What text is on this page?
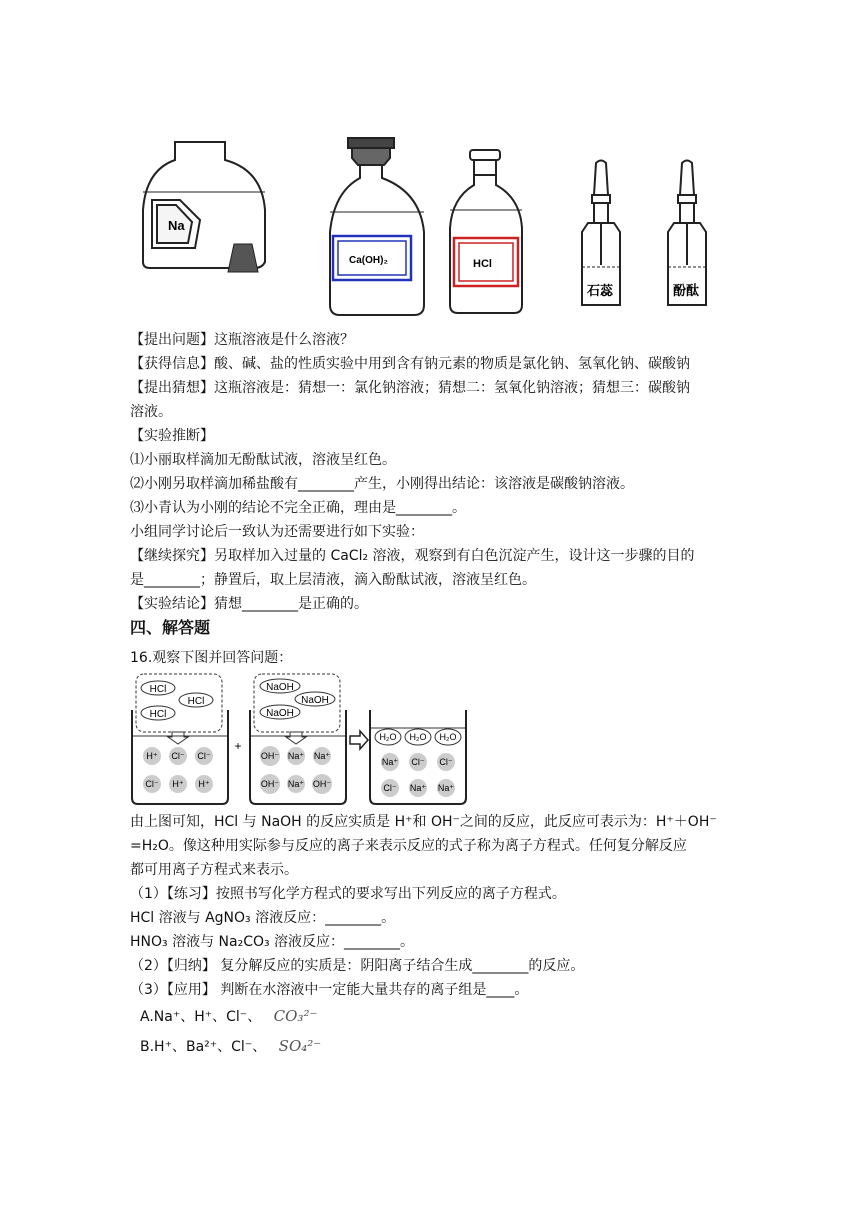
Na
Ca(OH)₂	HCl
石蕊	酚酞
【提出问题】这瓶溶液是什么溶液？
【获得信息】酸、碱、盐的性质实验中用到含有钠元素的物质是氯化钠、氢氧化钠、碳酸钠
【提出猜想】这瓶溶液是：猜想一：氯化钠溶液；猜想二：氢氧化钠溶液；猜想三：碳酸钠
溶液。
【实验推断】
⑴小丽取样滴加无酚酞试液，溶液呈红色。
⑵小刚另取样滴加稀盐酸有________产生，小刚得出结论：该溶液是碳酸钠溶液。
⑶小青认为小刚的结论不完全正确，理由是________。
小组同学讨论后一致认为还需要进行如下实验：
【继续探究】另取样加入过量的 CaCl₂ 溶液，观察到有白色沉淀产生，设计这一步骤的目的
是________；静置后，取上层清液，滴入酚酞试液，溶液呈红色。
【实验结论】猜想________是正确的。
四、解答题
16.观察下图并回答问题：
HCl
HCl
HCl
H⁺ Cl⁻ Cl⁻
Cl⁻ H⁺ H⁺
+
NaOH
NaOH
NaOH
OH⁻ Na⁺ Na⁺
OH⁻ Na⁺ OH⁻
H₂O H₂O H₂O
Na⁺ Cl⁻ Cl⁻
Cl⁻ Na⁺ Na⁺
由上图可知，HCl 与 NaOH 的反应实质是 H⁺和 OH⁻之间的反应，此反应可表示为：H⁺＋OH⁻
=H₂O。像这种用实际参与反应的离子来表示反应的式子称为离子方程式。任何复分解反应
都可用离子方程式来表示。
（1）【练习】按照书写化学方程式的要求写出下列反应的离子方程式。
HCl 溶液与 AgNO₃ 溶液反应：________。
HNO₃ 溶液与 Na₂CO₃ 溶液反应：________。
（2）【归纳】 复分解反应的实质是：阴阳离子结合生成________的反应。
（3）【应用】 判断在水溶液中一定能大量共存的离子组是____。
A.Na⁺、H⁺、Cl⁻、 CO₃²⁻
B.H⁺、Ba²⁺、Cl⁻、 SO₄²⁻
